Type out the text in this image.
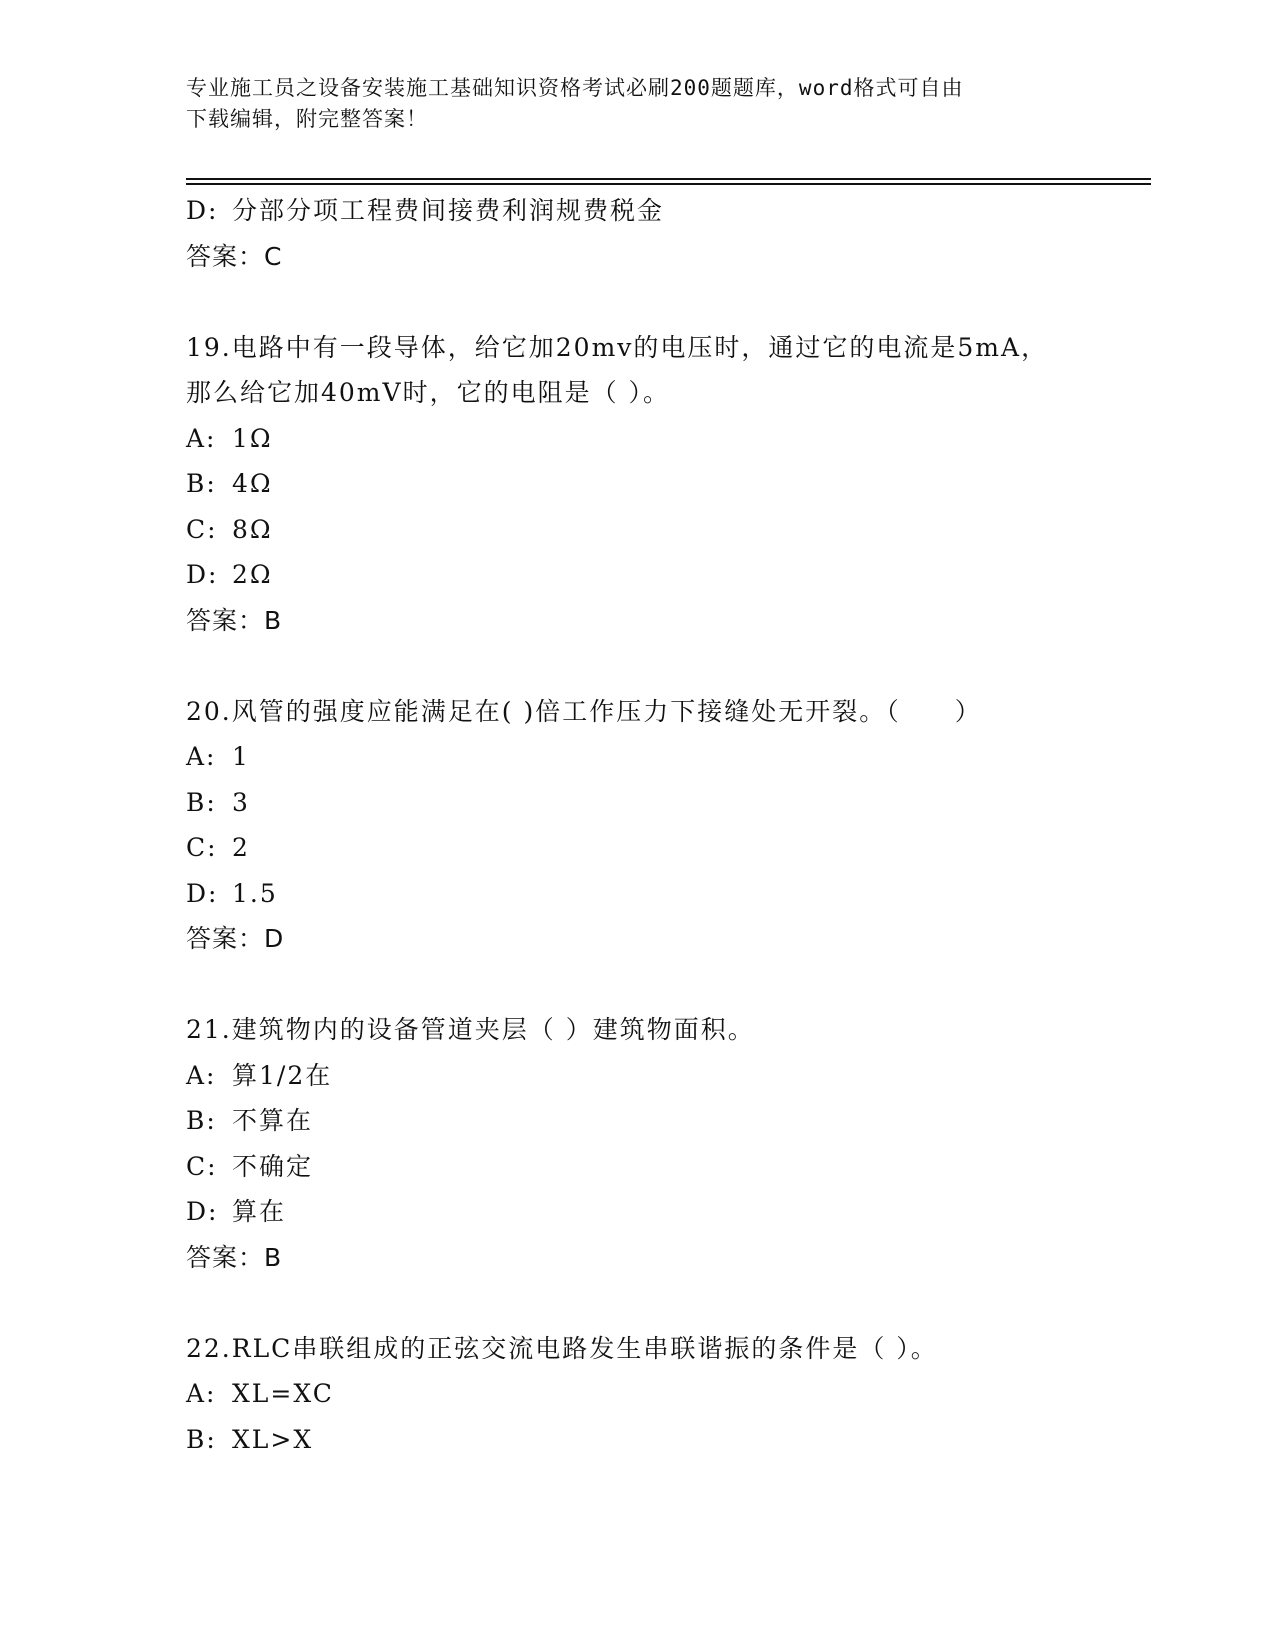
专业施工员之设备安装施工基础知识资格考试必刷200题题库，word格式可自由
下载编辑，附完整答案！
D: 分部分项工程费间接费利润规费税金
答案：C
19.电路中有一段导体，给它加20mv的电压时，通过它的电流是5mA，
那么给它加40mV时，它的电阻是（ ）。
A: 1Ω
B: 4Ω
C: 8Ω
D: 2Ω
答案：B
20.风管的强度应能满足在( )倍工作压力下接缝处无开裂。（　　）
A: 1
B: 3
C: 2
D: 1.5
答案：D
21.建筑物内的设备管道夹层（ ）建筑物面积。
A: 算1/2在
B: 不算在
C: 不确定
D: 算在
答案：B
22.RLC串联组成的正弦交流电路发生串联谐振的条件是（ ）。
A: XL=XC
B: XL>X
